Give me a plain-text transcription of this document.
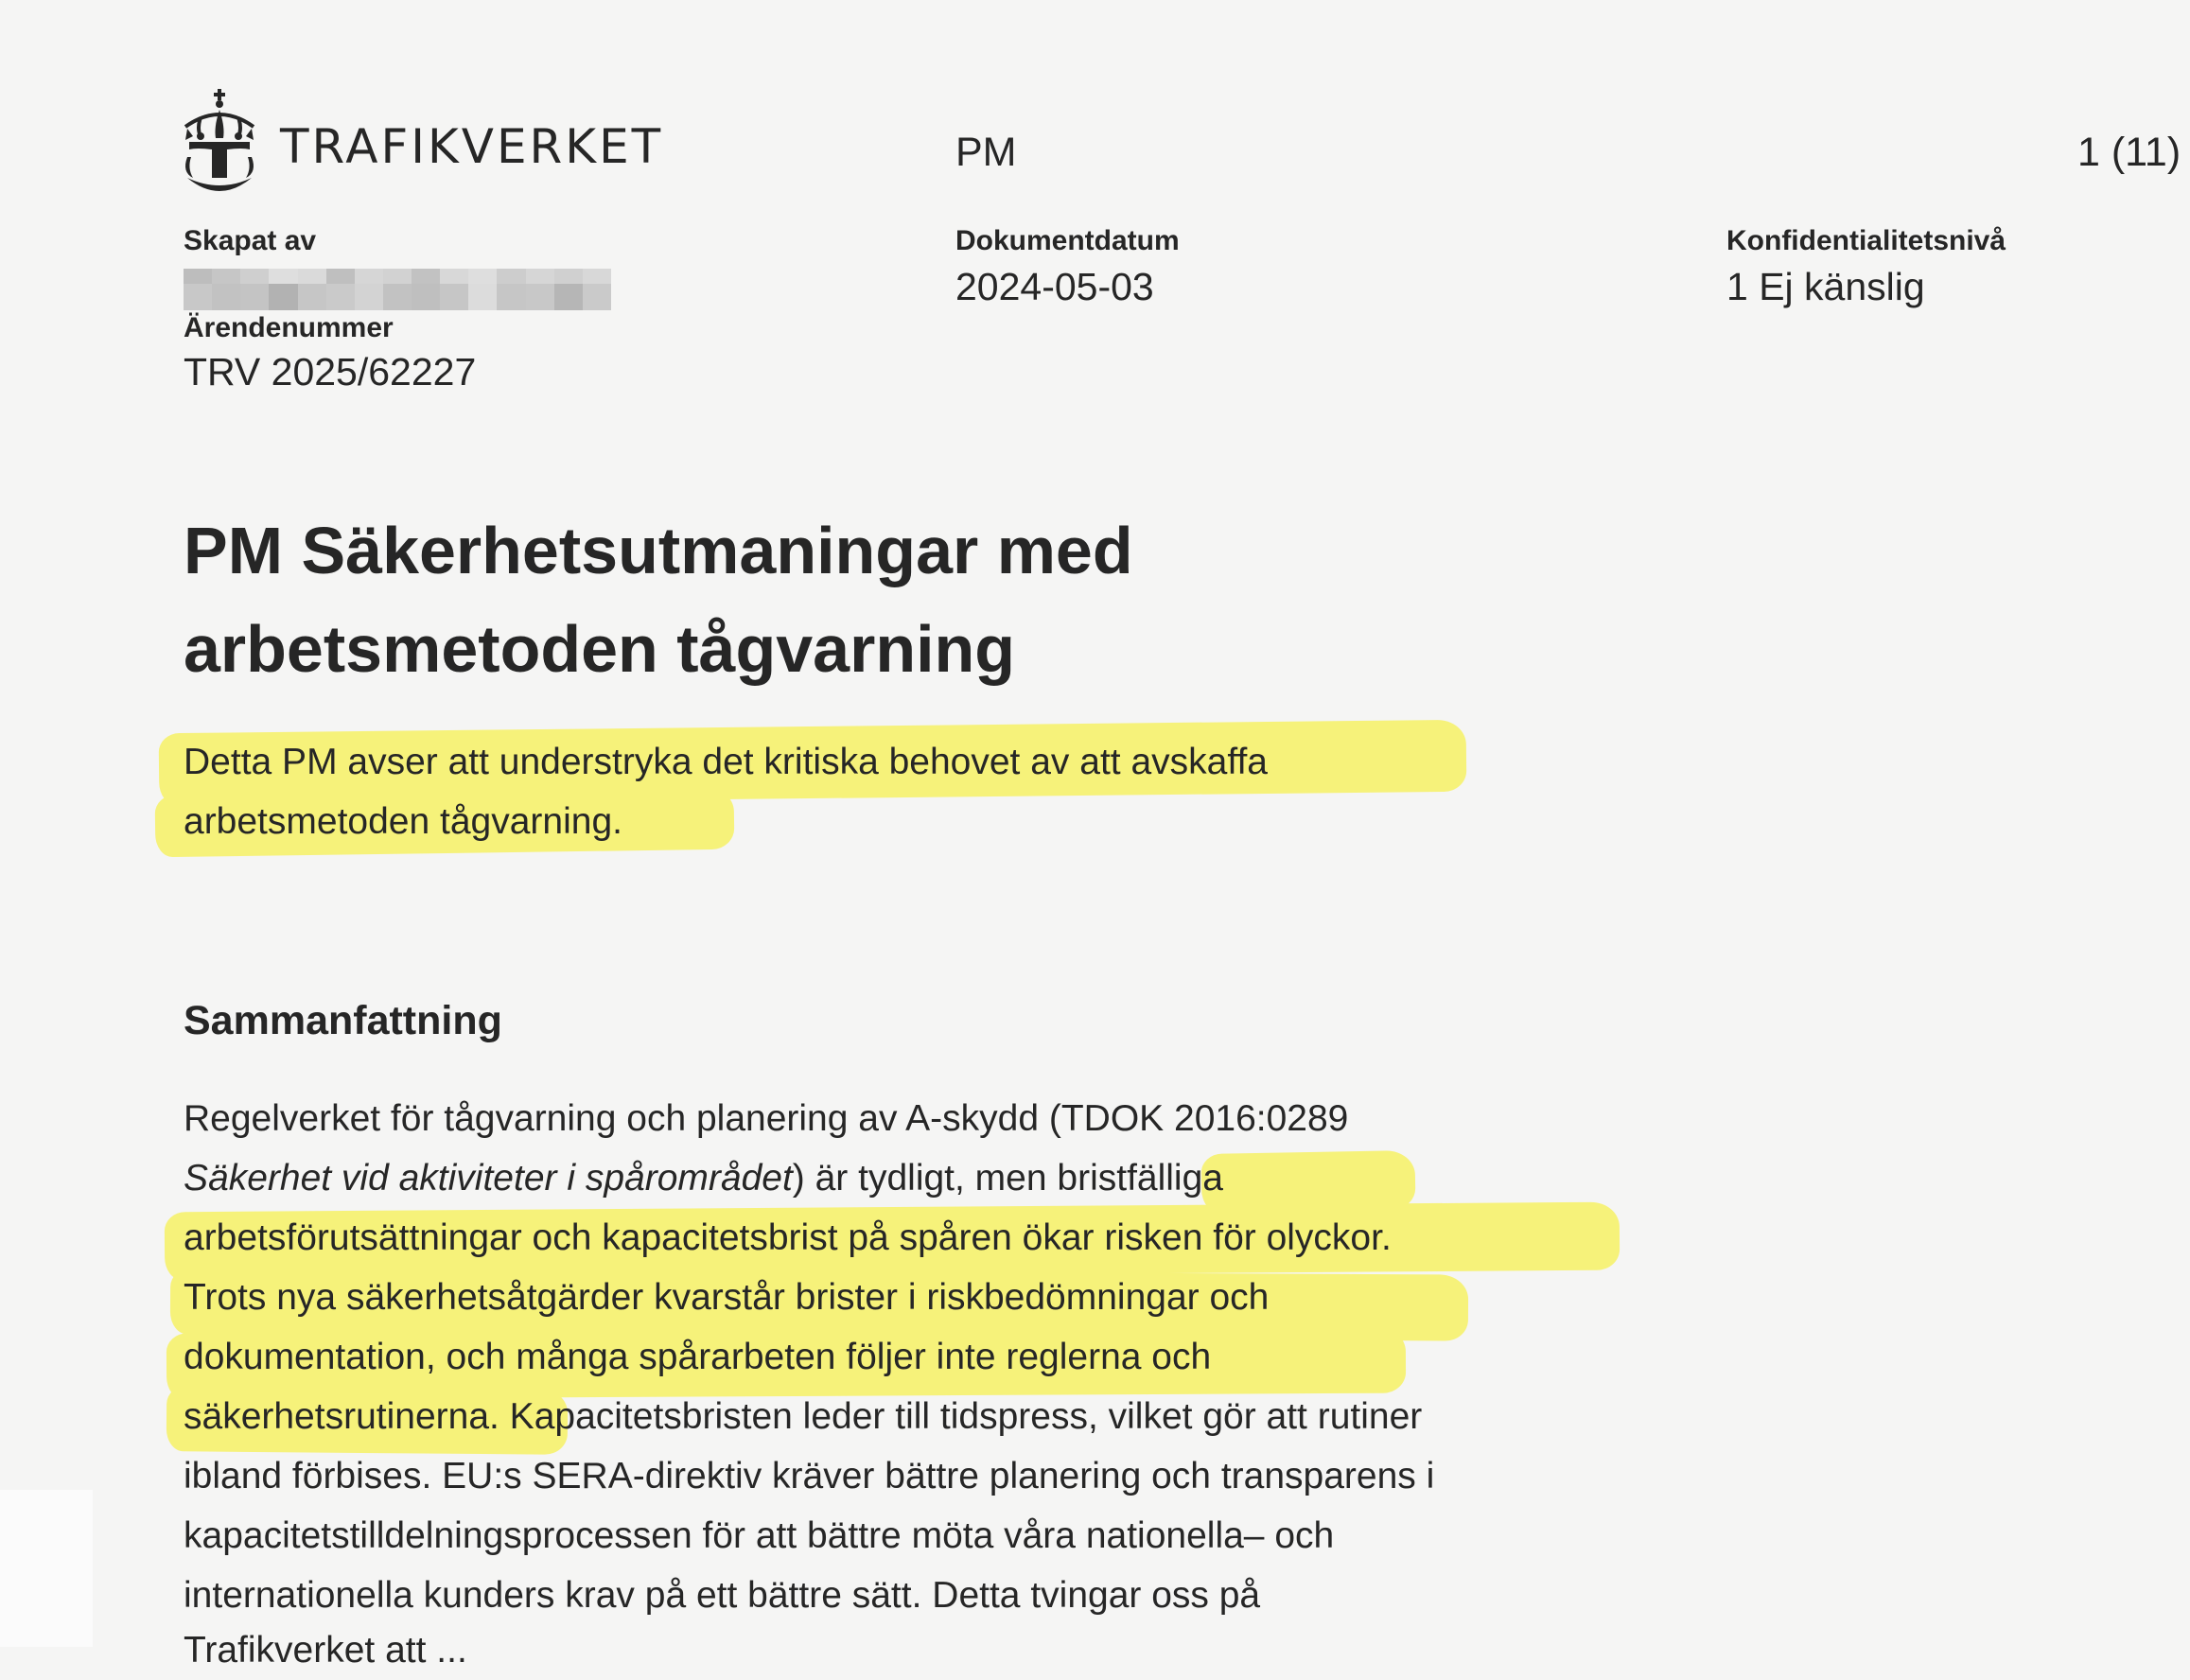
TRAFIKVERKET	PM	1 (11)
Skapat av
Ärendenummer
TRV 2025/62227
Dokumentdatum
2024-05-03
Konfidentialitetsnivå
1 Ej känslig
PM Säkerhetsutmaningar med
arbetsmetoden tågvarning
Detta PM avser att understryka det kritiska behovet av att avskaffa
arbetsmetoden tågvarning.
Sammanfattning
Regelverket för tågvarning och planering av A-skydd (TDOK 2016:0289
Säkerhet vid aktiviteter i spårområdet) är tydligt, men bristfälliga
arbetsförutsättningar och kapacitetsbrist på spåren ökar risken för olyckor.
Trots nya säkerhetsåtgärder kvarstår brister i riskbedömningar och
dokumentation, och många spårarbeten följer inte reglerna och
säkerhetsrutinerna. Kapacitetsbristen leder till tidspress, vilket gör att rutiner
ibland förbises. EU:s SERA-direktiv kräver bättre planering och transparens i
kapacitetstilldelningsprocessen för att bättre möta våra nationella– och
internationella kunders krav på ett bättre sätt. Detta tvingar oss på
Trafikverket att ...
